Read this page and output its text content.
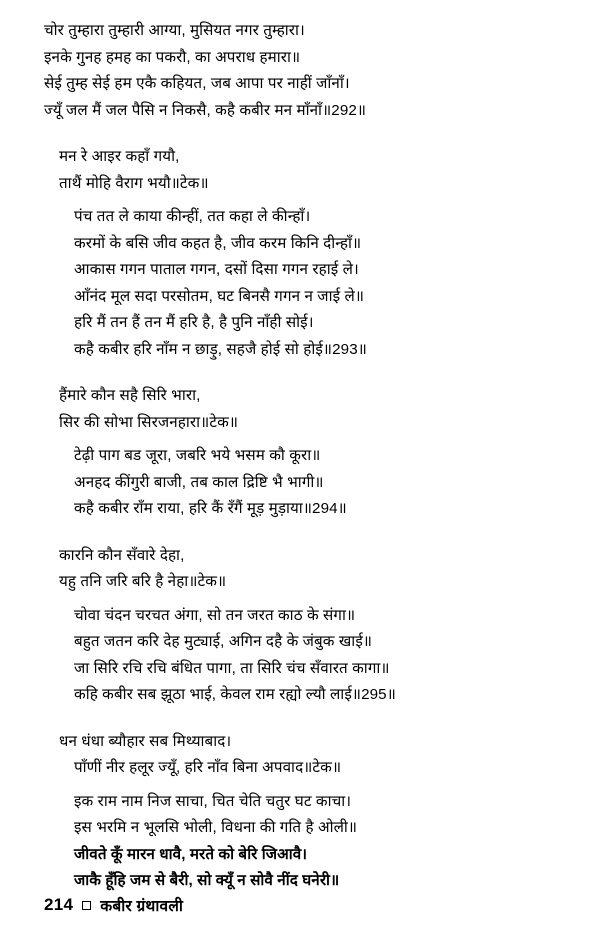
चोर तुम्हारा तुम्हारी आग्या, मुसियत नगर तुम्हारा।
इनके गुनह हमह का पकरौ, का अपराध हमारा॥
सेई तुम्ह सेई हम एकै कहियत, जब आपा पर नाहीं जाँनाँ।
ज्यूँ जल मैं जल पैसि न निकसै, कहै कबीर मन माँनाँ॥292॥
मन रे आइर कहाँ गयौ,
ताथैं मोहि वैराग भयौ॥टेक॥
पंच तत ले काया कीन्हीं, तत कहा ले कीन्हाँ।
करमों के बसि जीव कहत है, जीव करम किनि दीन्हाँ॥
आकास गगन पाताल गगन, दसों दिसा गगन रहाई ले।
आँनंद मूल सदा परसोतम, घट बिनसै गगन न जाई ले॥
हरि मैं तन हैं तन मैं हरि है, है पुनि नाँही सोई।
कहै कबीर हरि नाँम न छाड़ु, सहजै होई सो होई॥293॥
हैंमारे कौन सहै सिरि भारा,
सिर की सोभा सिरजनहारा॥टेक॥
टेढ़ी पाग बड जूरा, जबरि भये भसम कौ कूरा॥
अनहद कींगुरी बाजी, तब काल द्रिष्टि भै भागी॥
कहै कबीर राँम राया, हरि कैं रँगैं मूड़ मुड़ाया॥294॥
कारनि कौन सँवारे देहा,
यहु तनि जरि बरि है नेहा॥टेक॥
चोवा चंदन चरचत अंगा, सो तन जरत काठ के संगा॥
बहुत जतन करि देह मुट्याई, अगिन दहै के जंबुक खाई॥
जा सिरि रचि रचि बंधित पागा, ता सिरि चंच सँवारत कागा॥
कहि कबीर सब झूठा भाई, केवल राम रह्यो ल्यौ लाई॥295॥
धन धंधा ब्यौहार सब मिथ्याबाद।
पाँणीं नीर हलूर ज्यूँ, हरि नाँव बिना अपवाद॥टेक॥
इक राम नाम निज साचा, चित चेति चतुर घट काचा।
इस भरमि न भूलसि भोली, विधना की गति है ओली॥
जीवते कूँ मारन धावै, मरते को बेरि जिआवै।
जाकै हूँहि जम से बैरी, सो क्यूँ न सोवै नींद घनेरी॥
214 कबीर ग्रंथावली
